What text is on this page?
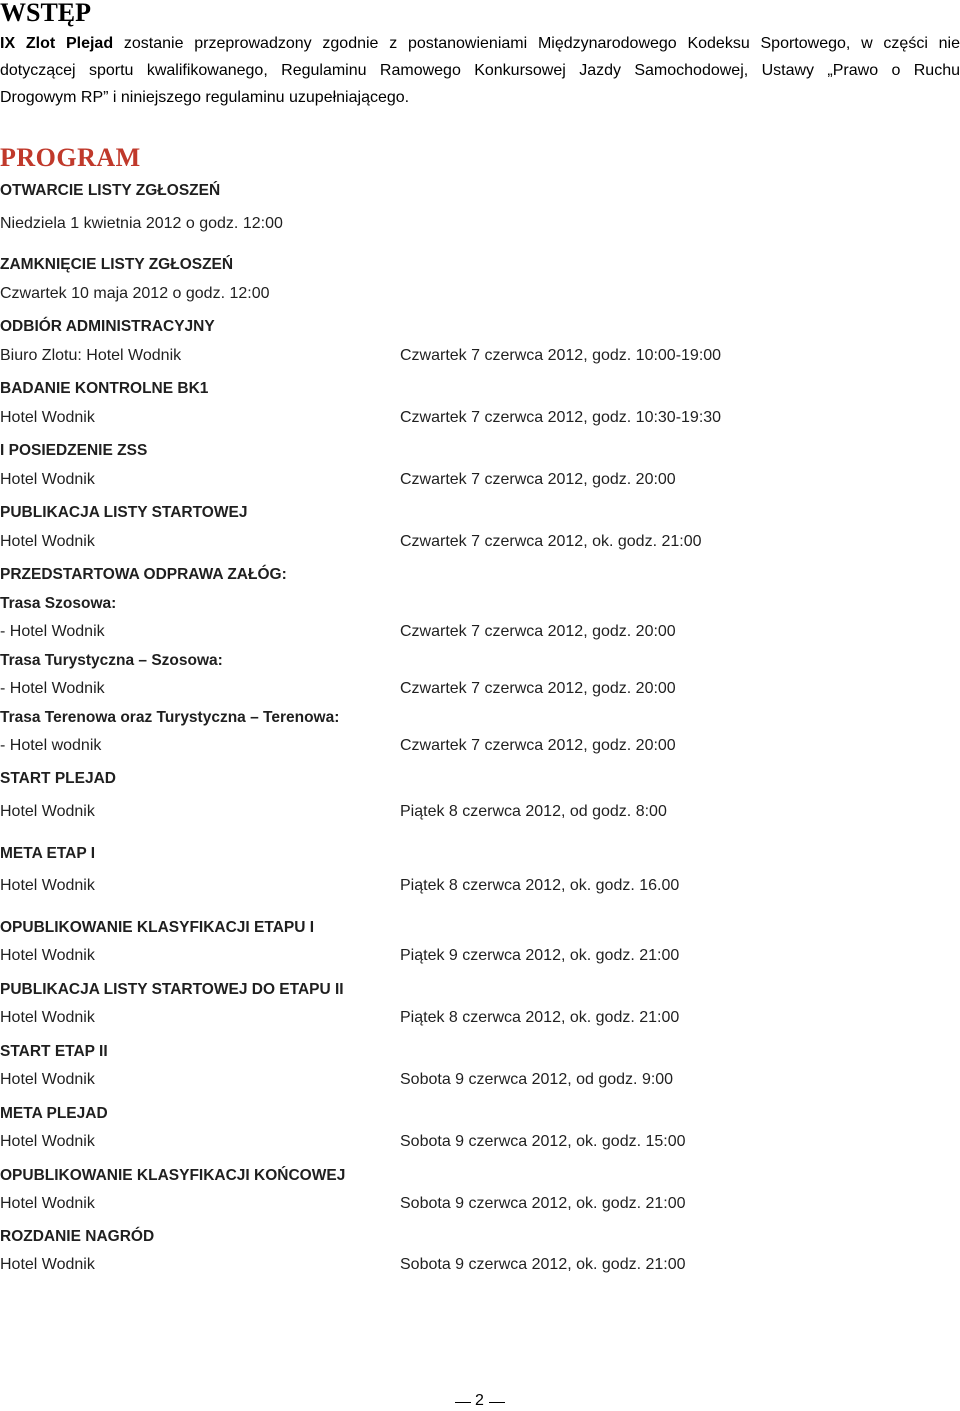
WSTĘP
IX Zlot Plejad zostanie przeprowadzony zgodnie z postanowieniami Międzynarodowego Kodeksu Sportowego, w części nie
dotyczącej sportu kwalifikowanego, Regulaminu Ramowego Konkursowej Jazdy Samochodowej, Ustawy „Prawo o Ruchu
Drogowym RP” i niniejszego regulaminu uzupełniającego.
PROGRAM
OTWARCIE LISTY ZGŁOSZEŃ
Niedziela 1 kwietnia 2012 o godz. 12:00
ZAMKNIĘCIE LISTY ZGŁOSZEŃ
Czwartek 10 maja 2012 o godz. 12:00
ODBIÓR ADMINISTRACYJNY
Biuro Zlotu: Hotel Wodnik	Czwartek 7 czerwca 2012, godz. 10:00-19:00
BADANIE KONTROLNE BK1
Hotel Wodnik	Czwartek 7 czerwca 2012, godz. 10:30-19:30
I POSIEDZENIE ZSS
Hotel Wodnik	Czwartek 7 czerwca 2012, godz. 20:00
PUBLIKACJA LISTY STARTOWEJ
Hotel Wodnik	Czwartek 7 czerwca 2012, ok. godz. 21:00
PRZEDSTARTOWA ODPRAWA ZAŁÓG:
Trasa Szosowa:
- Hotel Wodnik	Czwartek 7 czerwca 2012, godz. 20:00
Trasa Turystyczna – Szosowa:
- Hotel Wodnik	Czwartek 7 czerwca 2012, godz. 20:00
Trasa Terenowa oraz Turystyczna – Terenowa:
- Hotel wodnik	Czwartek 7 czerwca 2012, godz. 20:00
START PLEJAD
Hotel Wodnik	Piątek 8 czerwca 2012, od godz. 8:00
META ETAP I
Hotel Wodnik	Piątek 8 czerwca 2012, ok. godz. 16.00
OPUBLIKOWANIE KLASYFIKACJI ETAPU I
Hotel Wodnik	Piątek 9 czerwca 2012, ok. godz. 21:00
PUBLIKACJA LISTY STARTOWEJ DO ETAPU II
Hotel Wodnik	Piątek 8 czerwca 2012, ok. godz. 21:00
START ETAP II
Hotel Wodnik	Sobota 9 czerwca 2012, od godz. 9:00
META PLEJAD
Hotel Wodnik	Sobota 9 czerwca 2012, ok. godz. 15:00
OPUBLIKOWANIE KLASYFIKACJI KOŃCOWEJ
Hotel Wodnik	Sobota 9 czerwca 2012, ok. godz. 21:00
ROZDANIE NAGRÓD
Hotel Wodnik	Sobota 9 czerwca 2012, ok. godz. 21:00
2
